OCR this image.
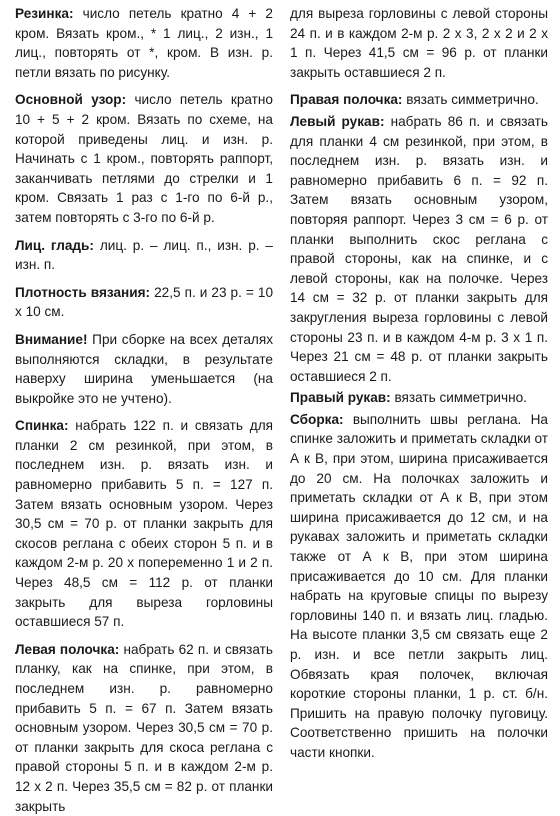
Резинка: число петель кратно 4 + 2 кром. Вязать кром., * 1 лиц., 2 изн., 1 лиц., повторять от *, кром. В изн. р. петли вязать по рисунку.

Основной узор: число петель кратно 10 + 5 + 2 кром. Вязать по схеме, на которой приведены лиц. и изн. р. Начинать с 1 кром., повторять раппорт, заканчивать петлями до стрелки и 1 кром. Связать 1 раз с 1-го по 6-й р., затем повторять с 3-го по 6-й р.

Лиц. гладь: лиц. р. – лиц. п., изн. р. – изн. п.

Плотность вязания: 22,5 п. и 23 р. = 10 х 10 см.

Внимание! При сборке на всех деталях выполняются складки, в результате наверху ширина уменьшается (на выкройке это не учтено).

Спинка: набрать 122 п. и связать для планки 2 см резинкой, при этом, в последнем изн. р. вязать изн. и равномерно прибавить 5 п. = 127 п. Затем вязать основным узором. Через 30,5 см = 70 р. от планки закрыть для скосов реглана с обеих сторон 5 п. и в каждом 2-м р. 20 х попеременно 1 и 2 п. Через 48,5 см = 112 р. от планки закрыть для выреза горловины оставшиеся 57 п.

Левая полочка: набрать 62 п. и связать планку, как на спинке, при этом, в последнем изн. р. равномерно прибавить 5 п. = 67 п. Затем вязать основным узором. Через 30,5 см = 70 р. от планки закрыть для скоса реглана с правой стороны 5 п. и в каждом 2-м р. 12 х 2 п. Через 35,5 см = 82 р. от планки закрыть

для выреза горловины с левой стороны 24 п. и в каждом 2-м р. 2 х 3, 2 х 2 и 2 х 1 п. Через 41,5 см = 96 р. от планки закрыть оставшиеся 2 п.

Правая полочка: вязать симметрично.

Левый рукав: набрать 86 п. и связать для планки 4 см резинкой, при этом, в последнем изн. р. вязать изн. и равномерно прибавить 6 п. = 92 п. Затем вязать основным узором, повторяя раппорт. Через 3 см = 6 р. от планки выполнить скос реглана с правой стороны, как на спинке, и с левой стороны, как на полочке. Через 14 см = 32 р. от планки закрыть для закругления выреза горловины с левой стороны 23 п. и в каждом 4-м р. 3 х 1 п. Через 21 см = 48 р. от планки закрыть оставшиеся 2 п.

Правый рукав: вязать симметрично.

Сборка: выполнить швы реглана. На спинке заложить и приметать складки от А к В, при этом, ширина присаживается до 20 см. На полочках заложить и приметать складки от А к В, при этом ширина присаживается до 12 см, и на рукавах заложить и приметать складки также от А к В, при этом ширина присаживается до 10 см. Для планки набрать на круговые спицы по вырезу горловины 140 п. и вязать лиц. гладью. На высоте планки 3,5 см связать еще 2 р. изн. и все петли закрыть лиц. Обвязать края полочек, включая короткие стороны планки, 1 р. ст. б/н. Пришить на правую полочку пуговицу. Соответственно пришить на полочки части кнопки.
